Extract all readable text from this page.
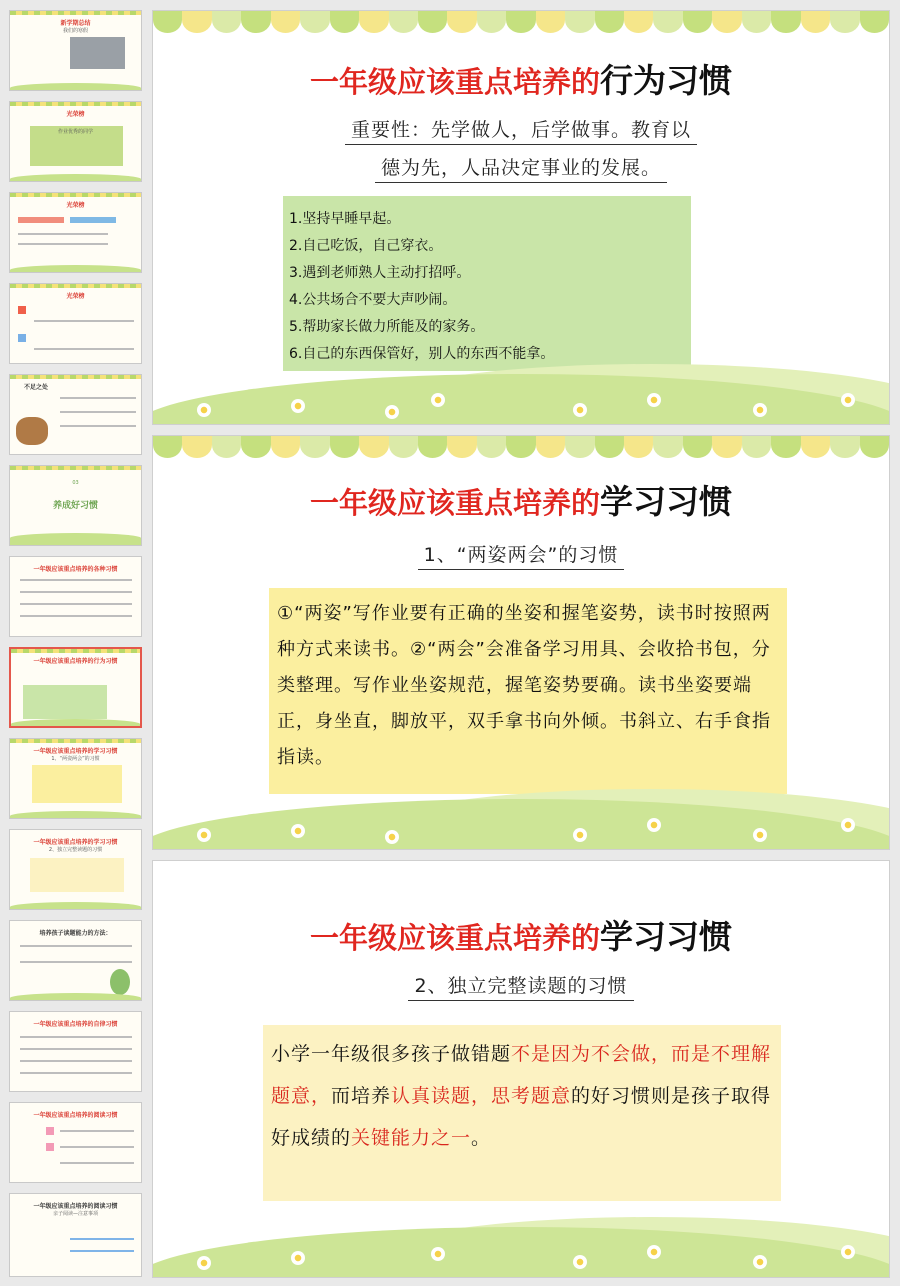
新学期总结
我们的寒假
光荣榜
作业优秀的同学
光荣榜
光荣榜
不足之处
03
养成好习惯
一年级应该重点培养的各种习惯
一年级应该重点培养的行为习惯
一年级应该重点培养的学习习惯
1、“两姿两会”的习惯
一年级应该重点培养的学习习惯
2、独立完整读题的习惯
培养孩子读题能力的方法：
一年级应该重点培养的自律习惯
一年级应该重点培养的阅读习惯
一年级应该重点培养的阅读习惯
亲子阅读—注意事项
一年级应该重点培养的行为习惯
重要性：先学做人，后学做事。教育以
德为先，人品决定事业的发展。
1.坚持早睡早起。
2.自己吃饭，自己穿衣。
3.遇到老师熟人主动打招呼。
4.公共场合不要大声吵闹。
5.帮助家长做力所能及的家务。
6.自己的东西保管好，别人的东西不能拿。
一年级应该重点培养的学习习惯
1、“两姿两会”的习惯
①“两姿”写作业要有正确的坐姿和握笔姿势，读书时按照两种方式来读书。②“两会”会准备学习用具、会收拾书包，分类整理。写作业坐姿规范，握笔姿势要确。读书坐姿要端正，身坐直，脚放平，双手拿书向外倾。书斜立、右手食指指读。
一年级应该重点培养的学习习惯
2、独立完整读题的习惯
小学一年级很多孩子做错题不是因为不会做，而是不理解题意，而培养认真读题，思考题意的好习惯则是孩子取得好成绩的关键能力之一。
